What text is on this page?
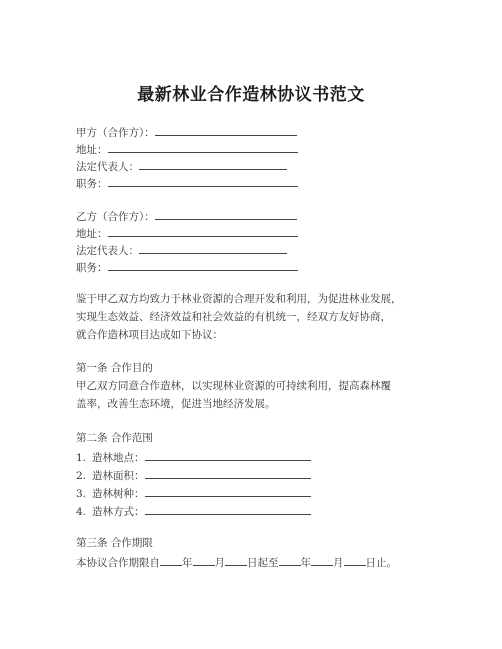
最新林业合作造林协议书范文
甲方（合作方）：
地址：
法定代表人：
职务：
乙方（合作方）：
地址：
法定代表人：
职务：
鉴于甲乙双方均致力于林业资源的合理开发和利用，为促进林业发展，
实现生态效益、经济效益和社会效益的有机统一，经双方友好协商，
就合作造林项目达成如下协议：
第一条 合作目的
甲乙双方同意合作造林，以实现林业资源的可持续利用，提高森林覆
盖率，改善生态环境，促进当地经济发展。
第二条 合作范围
1. 造林地点：
2. 造林面积：
3. 造林树种：
4. 造林方式：
第三条 合作期限
本协议合作期限自 年 月 日起至 年 月 日止。
